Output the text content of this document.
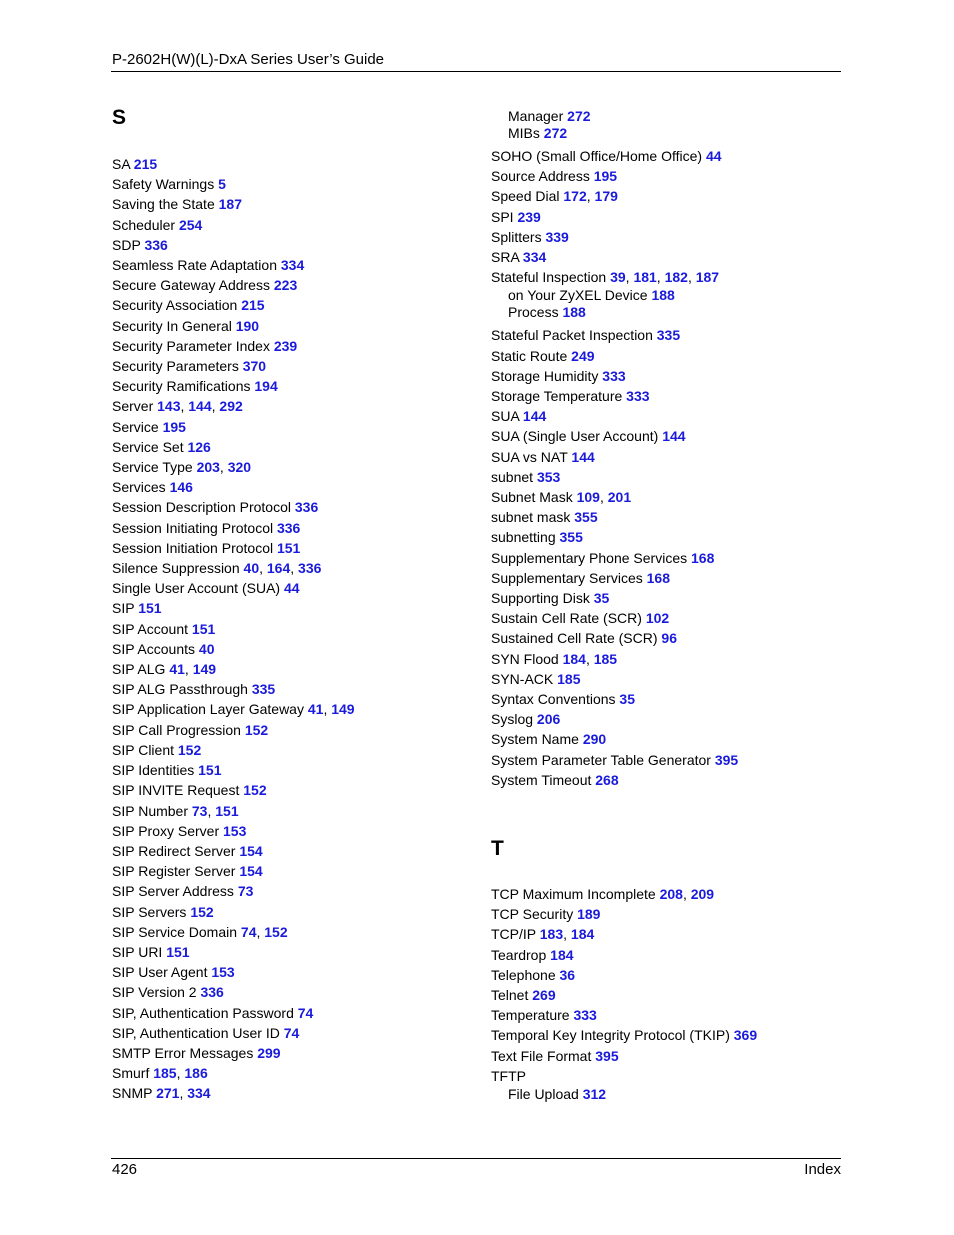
P-2602H(W)(L)-DxA Series User’s Guide
S
SA 215
Safety Warnings 5
Saving the State 187
Scheduler 254
SDP 336
Seamless Rate Adaptation 334
Secure Gateway Address 223
Security Association 215
Security In General 190
Security Parameter Index 239
Security Parameters 370
Security Ramifications 194
Server 143, 144, 292
Service 195
Service Set 126
Service Type 203, 320
Services 146
Session Description Protocol 336
Session Initiating Protocol 336
Session Initiation Protocol 151
Silence Suppression 40, 164, 336
Single User Account (SUA) 44
SIP 151
SIP Account 151
SIP Accounts 40
SIP ALG 41, 149
SIP ALG Passthrough 335
SIP Application Layer Gateway 41, 149
SIP Call Progression 152
SIP Client 152
SIP Identities 151
SIP INVITE Request 152
SIP Number 73, 151
SIP Proxy Server 153
SIP Redirect Server 154
SIP Register Server 154
SIP Server Address 73
SIP Servers 152
SIP Service Domain 74, 152
SIP URI 151
SIP User Agent 153
SIP Version 2 336
SIP, Authentication Password 74
SIP, Authentication User ID 74
SMTP Error Messages 299
Smurf 185, 186
SNMP 271, 334
Manager 272
MIBs 272
SOHO (Small Office/Home Office) 44
Source Address 195
Speed Dial 172, 179
SPI 239
Splitters 339
SRA 334
Stateful Inspection 39, 181, 182, 187
on Your ZyXEL Device 188
Process 188
Stateful Packet Inspection 335
Static Route 249
Storage Humidity 333
Storage Temperature 333
SUA 144
SUA (Single User Account) 144
SUA vs NAT 144
subnet 353
Subnet Mask 109, 201
subnet mask 355
subnetting 355
Supplementary Phone Services 168
Supplementary Services 168
Supporting Disk 35
Sustain Cell Rate (SCR) 102
Sustained Cell Rate (SCR) 96
SYN Flood 184, 185
SYN-ACK 185
Syntax Conventions 35
Syslog 206
System Name 290
System Parameter Table Generator 395
System Timeout 268
T
TCP Maximum Incomplete 208, 209
TCP Security 189
TCP/IP 183, 184
Teardrop 184
Telephone 36
Telnet 269
Temperature 333
Temporal Key Integrity Protocol (TKIP) 369
Text File Format 395
TFTP
File Upload 312
426	Index
